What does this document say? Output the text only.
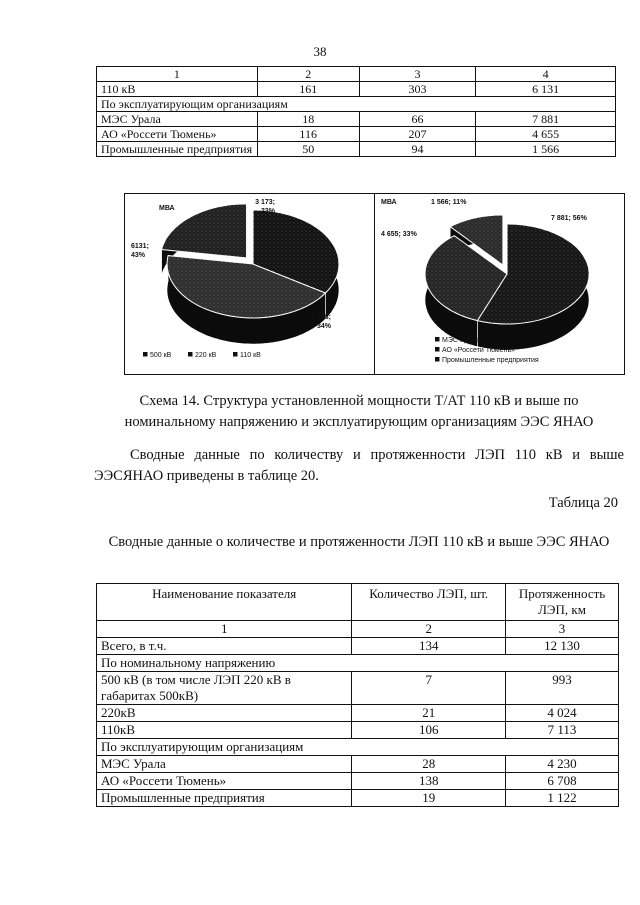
38
1	2	3	4
110 кВ	161	303	6 131
По эксплуатирующим организациям			
МЭС Урала	18	66	7 881
АО «Россети Тюмень»	116	207	4 655
Промышленные предприятия	50	94	1 566
МВА
3 173; 23%
6131; 43%
4 798; 34%
500 кВ	220 кВ	110 кВ
МВА
7 881; 56%
4 655; 33%
1 566; 11%
МЭС Урала
АО «Россети Тюмень»
Промышленные предприятия
Схема 14. Структура установленной мощности Т/АТ 110 кВ и выше по номинальному напряжению и эксплуатирующим организациям ЭЭС ЯНАО
Сводные данные по количеству и протяженности ЛЭП 110 кВ и выше ЭЭСЯНАО приведены в таблице 20.
Таблица 20
Сводные данные о количестве и протяженности ЛЭП 110 кВ и выше ЭЭС ЯНАО
Наименование показателя	Количество ЛЭП, шт.	Протяженность ЛЭП, км
1	2	3
Всего, в т.ч.	134	12 130
По номинальному напряжению		
500 кВ (в том числе ЛЭП 220 кВ в габаритах 500кВ)	7	993
220кВ	21	4 024
110кВ	106	7 113
По эксплуатирующим организациям		
МЭС Урала	28	4 230
АО «Россети Тюмень»	138	6 708
Промышленные предприятия	19	1 122
